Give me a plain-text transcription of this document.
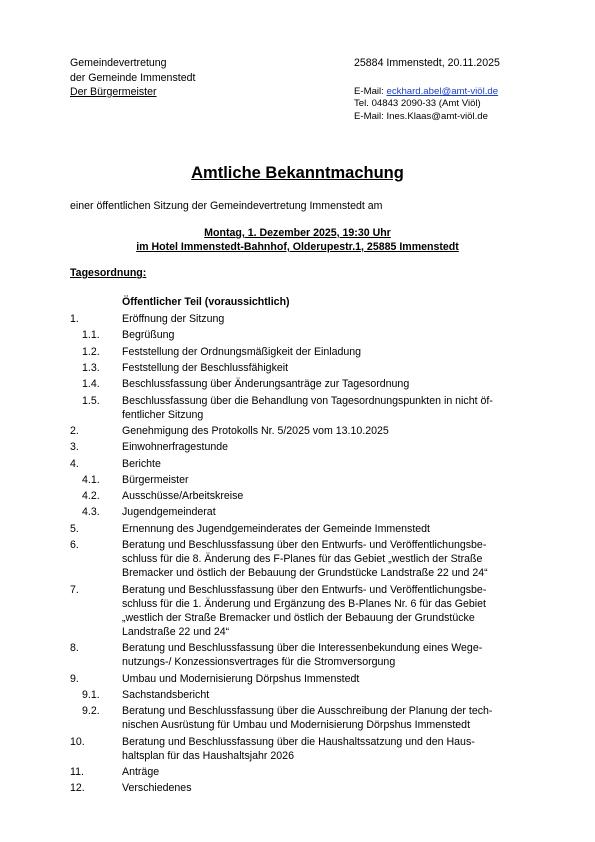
Gemeindevertretung
der Gemeinde Immenstedt
Der Bürgermeister
25884 Immenstedt, 20.11.2025
E-Mail: eckhard.abel@amt-viöl.de
Tel. 04843 2090-33 (Amt Viöl)
E-Mail: Ines.Klaas@amt-viöl.de
Amtliche Bekanntmachung
einer öffentlichen Sitzung der Gemeindevertretung Immenstedt am
Montag, 1. Dezember 2025, 19:30 Uhr
im Hotel Immenstedt-Bahnhof, Olderupestr.1, 25885 Immenstedt
Tagesordnung:
Öffentlicher Teil (voraussichtlich)
1.	Eröffnung der Sitzung
1.1. Begrüßung
1.2. Feststellung der Ordnungsmäßigkeit der Einladung
1.3. Feststellung der Beschlussfähigkeit
1.4. Beschlussfassung über Änderungsanträge zur Tagesordnung
1.5. Beschlussfassung über die Behandlung von Tagesordnungspunkten in nicht öf-
fentlicher Sitzung
2.	Genehmigung des Protokolls Nr. 5/2025 vom 13.10.2025
3.	Einwohnerfragestunde
4.	Berichte
4.1. Bürgermeister
4.2. Ausschüsse/Arbeitskreise
4.3. Jugendgemeinderat
5.	Ernennung des Jugendgemeinderates der Gemeinde Immenstedt
6.	Beratung und Beschlussfassung über den Entwurfs- und Veröffentlichungsbe-
schluss für die 8. Änderung des F-Planes für das Gebiet „westlich der Straße
Bremacker und östlich der Bebauung der Grundstücke Landstraße 22 und 24“
7.	Beratung und Beschlussfassung über den Entwurfs- und Veröffentlichungsbe-
schluss für die 1. Änderung und Ergänzung des B-Planes Nr. 6 für das Gebiet
„westlich der Straße Bremacker und östlich der Bebauung der Grundstücke
Landstraße 22 und 24“
8.	Beratung und Beschlussfassung über die Interessenbekundung eines Wege-
nutzungs-/ Konzessionsvertrages für die Stromversorgung
9.	Umbau und Modernisierung Dörpshus Immenstedt
9.1. Sachstandsbericht
9.2. Beratung und Beschlussfassung über die Ausschreibung der Planung der tech-
nischen Ausrüstung für Umbau und Modernisierung Dörpshus Immenstedt
10.	Beratung und Beschlussfassung über die Haushaltssatzung und den Haus-
haltsplan für das Haushaltsjahr 2026
11.	Anträge
12.	Verschiedenes
